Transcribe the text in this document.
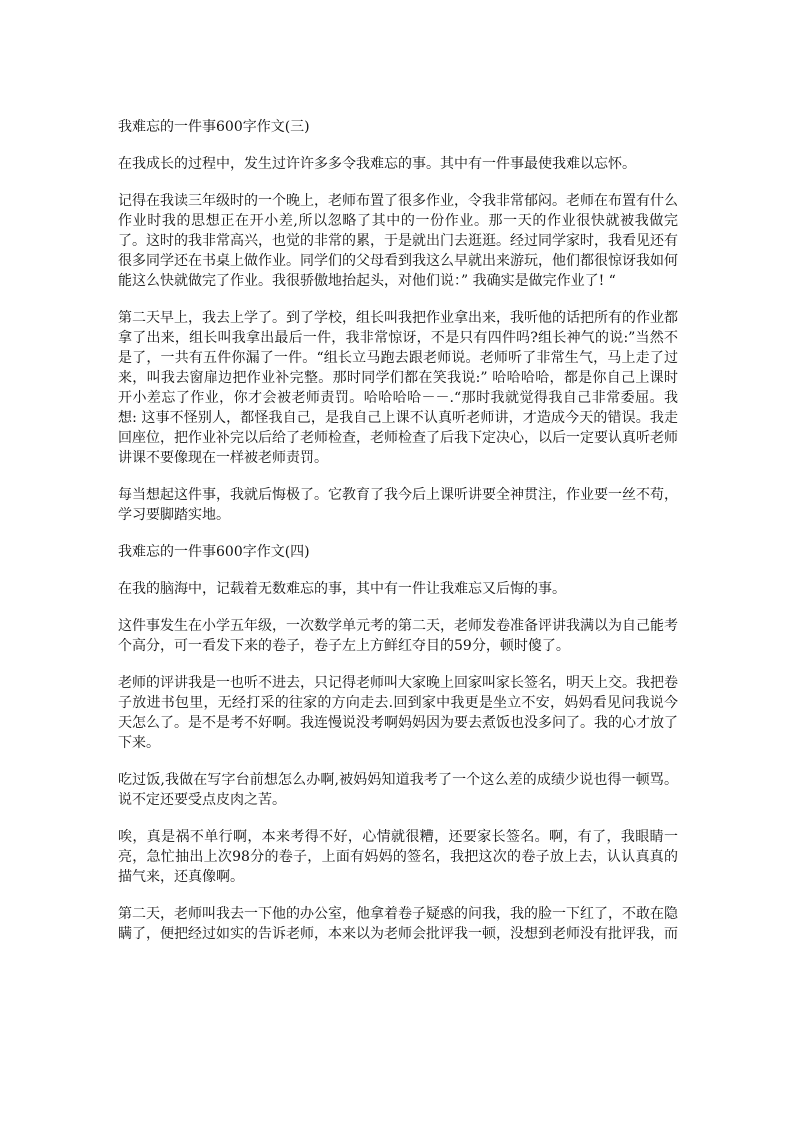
我难忘的一件事600字作文(三)

在我成长的过程中，发生过许许多多令我难忘的事。其中有一件事最使我难以忘怀。

记得在我读三年级时的一个晚上，老师布置了很多作业，令我非常郁闷。老师在布置有什么作业时我的思想正在开小差,所以忽略了其中的一份作业。那一天的作业很快就被我做完了。这时的我非常高兴，也觉的非常的累，于是就出门去逛逛。经过同学家时，我看见还有很多同学还在书桌上做作业。同学们的父母看到我这么早就出来游玩，他们都很惊讶我如何能这么快就做完了作业。我很骄傲地抬起头，对他们说：” 我确实是做完作业了! “

第二天早上，我去上学了。到了学校，组长叫我把作业拿出来，我听他的话把所有的作业都拿了出来，组长叫我拿出最后一件，我非常惊讶，不是只有四件吗?组长神气的说:”当然不是了，一共有五件你漏了一件。“组长立马跑去跟老师说。老师听了非常生气，马上走了过来，叫我去窗扉边把作业补完整。那时同学们都在笑我说:” 哈哈哈哈，都是你自己上课时开小差忘了作业，你才会被老师责罚。哈哈哈哈－－.“那时我就觉得我自己非常委屈。我想: 这事不怪别人，都怪我自己，是我自己上课不认真听老师讲，才造成今天的错误。我走回座位，把作业补完以后给了老师检查，老师检查了后我下定决心，以后一定要认真听老师讲课不要像现在一样被老师责罚。

每当想起这件事，我就后悔极了。它教育了我今后上课听讲要全神贯注，作业要一丝不苟，学习要脚踏实地。

我难忘的一件事600字作文(四)

在我的脑海中，记载着无数难忘的事，其中有一件让我难忘又后悔的事。

这件事发生在小学五年级，一次数学单元考的第二天，老师发卷准备评讲我满以为自己能考个高分，可一看发下来的卷子，卷子左上方鲜红夺目的59分，顿时傻了。

老师的评讲我是一也听不进去，只记得老师叫大家晚上回家叫家长签名，明天上交。我把卷子放进书包里，无经打采的往家的方向走去.回到家中我更是坐立不安，妈妈看见问我说今天怎么了。是不是考不好啊。我连慢说没考啊妈妈因为要去煮饭也没多问了。我的心才放了下来。

吃过饭,我做在写字台前想怎么办啊,被妈妈知道我考了一个这么差的成绩少说也得一顿骂。说不定还要受点皮肉之苦。

唉，真是祸不单行啊，本来考得不好，心情就很糟，还要家长签名。啊，有了，我眼睛一亮，急忙抽出上次98分的卷子，上面有妈妈的签名，我把这次的卷子放上去，认认真真的描气来，还真像啊。

第二天，老师叫我去一下他的办公室，他拿着卷子疑惑的问我，我的脸一下红了，不敢在隐瞒了，便把经过如实的告诉老师，本来以为老师会批评我一顿，没想到老师没有批评我，而
